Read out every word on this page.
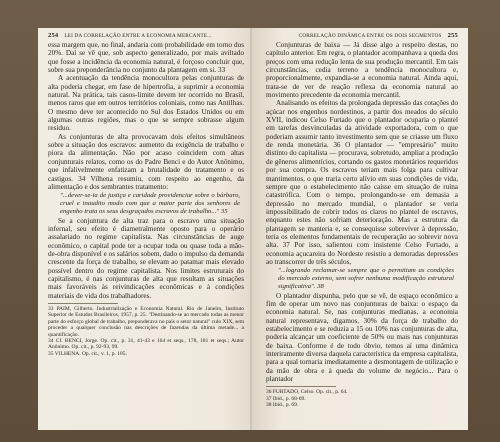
254 LEI DA CORRELAÇÃO ENTRE A ECONOMIA MERCANTE...

essa margem que, no final, andaria com probabilidade em torno dos 20%. Daí se vê que, sob aspecto generalizado, por mais aviltado que fosse a incidência da economia natural, é forçoso concluir que, sobre sua preponderância no conjunto da plantagem em si. 33

A acentuação da tendência monocultora pelas conjunturas de alta poderia chegar, em fase de hipertrofia, a suprimir a economia natural. Na prática, tais casos-limite devem ter ocorrido no Brasil, menos raros que em outros territórios coloniais, como nas Antilhas. O mesmo deve ter acontecido no Sul dos Estados Unidos ou em algumas outras regiões, mas o que se sempre sobrasse algum resíduo.

As conjunturas de alta provocavam dois efeitos simultâneos sobre a situação dos escravos: aumento da exigência de trabalho e piora da alimentação. Não por acaso coincidem com altas conjunturais relatos, como os do Padre Benci e do Autor Anônimo, que infalivelmente enfatizam a brutalidade do tratamento e os castigos. 34 Vilhena resumiu, com respeito ao engenho, da alimentação e dos sembrantes tratamento:

"...dever-se-ia de justiça e caridade providenciar sobre o bárbaro, cruel e inaudito modo com que a maior parte dos senhores de engenho trata os seus desgraçados escravos de trabalho..." 35

Se a conjuntura de alta traz para o escravo uma situação infernal, seu efeito é diametralmente oposto para o operário assalariado no regime capitalista. Nas circunstâncias de auge econômico, o capital pode ter a ocupar toda ou quase toda a mão-de-obra disponível e os salários sobem, dado o impulso da demanda crescente da força de trabalho, se elevam ao patamar mais elevado possível dentro do regime capitalista. Nos limites estruturais do capitalismo, é nas conjunturas de alta que resultam as situações mais favoráveis às reivindicações econômicas e à condições materiais de vida dos trabalhadores.

33 PAIM, Gilberto. Industrialização e Economia Natural. Rio de Janeiro, Instituto Superior de Estudos Brasileiros, 1957, p. 25. "Destinando-se ao mercado todas as menor parte do esforço global de trabalho, preponderava no país o setor natural" culo XIX, sem proceder a qualquer conclusão nas descrições de fazendas da última metade... a quantificação.

34 Cf. BENCI, Jorge. Op. cit., p. 31, 41-43 e 164 et seqs., 178, 181 et seqs.; Autor Anônimo. Op. cit., p. 92-93, 99.

35 VILHENA. Op. cit., v. 1, p. 185.

CORRELAÇÃO DINÂMICA ENTRE OS DOIS SEGMENTOS 255

Conjunturas de baixa — Já disse algo a respeito destas, no capítulo anterior. Em regra, o plantador acompanhava a queda dos preços com uma redução lenta de sua produção mercantil. Em tais circunstâncias, cedia terreno a tendência monocultora e, proporcionalmente, expandia-se a economia natural. Ainda aqui, trata-se de ver de reação reflexa da economia natural ao movimento precedente da economia mercantil.

Analisando os efeitos da prolongada depressão das cotações do açúcar nos engenhos nordestinos, a partir dos meados do século XVII, indicou Celso Furtado que o plantador ocuparia o plantel em tarefas desvinculadas da atividade exportadora, com o que poderiam assumir tanto investimento sem que se criasse um fluxo de renda monetária. 36 O plantador — "empresário" muito distinto do capitalista — procurava, sobretudo, ampliar a produção de gêneros alimentícios, cortando os gastos monetários requeridos por sua compra. Os escravos teriam mais folga para cultivar mantimentos, o que traria certo alívio em suas condições de vida, sempre que o estabelecimento não caísse em situação de ruína catastrófica. Com o tempo, prolongando-se em demasia a depressão no mercado mundial, o plantador se veria impossibilitado de cobrir todos os claros no plantel de escravos, enquanto estes não sofriam deterioração. Mas a estrutura da plantagem se manteria e, se consequisse sobreviver à depressão, teria os elementos fundamentais de recuperação ao sobrevir nova alta. 37 Por isso, salientou com insistente Celso Furtado, a economia açucareira do Nordeste resistiu a demoradas depressões ao transcorrer de três séculos,

"...logrando reclamar-se sempre que o permitiam as condições do mercado externo, sem sofrer nenhuma modificação estrutural significativa". 38

O plantador dispunha, pelo que se vê, de espaço econômico a fim de operar um novo nas conjunturas de baixa: o espaço da economia natural. Se, nas conjunturas medianas, a economia natural representava, digamos, 30% da força de trabalho do estabelecimento e se reduzia a 15 ou 10% nas conjunturas de alta, poderia alcançar um coeficiente de 50% ou mais nas conjunturas de baixa. Conforme é de todo óbvio, temos aí uma dinâmica interiramente diversa daquela característica da empresa capitalista, para a qual tornaria imediatamente a desmontagem de utilização e da mão de obra e à queda do volume de negócio... Para o plantador

36 FURTADO, Celso. Op. cit., p. 64.

37 Ibid., p. 68-69.

38 Ibid., p. 69.
